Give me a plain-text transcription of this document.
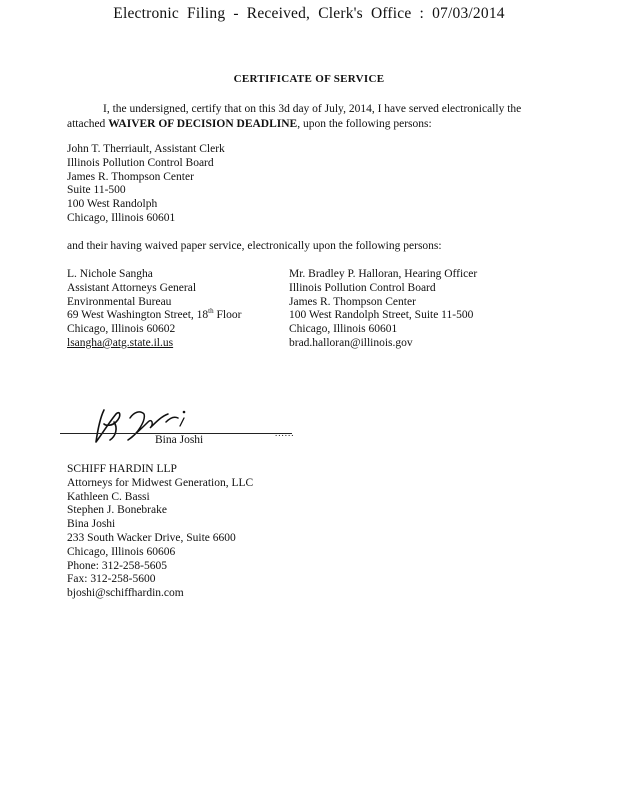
Electronic Filing - Received, Clerk's Office : 07/03/2014
CERTIFICATE OF SERVICE
I, the undersigned, certify that on this 3d day of July, 2014, I have served electronically the attached WAIVER OF DECISION DEADLINE, upon the following persons:
John T. Therriault, Assistant Clerk
Illinois Pollution Control Board
James R. Thompson Center
Suite 11-500
100 West Randolph
Chicago, Illinois 60601
and their having waived paper service, electronically upon the following persons:
L. Nichole Sangha
Assistant Attorneys General
Environmental Bureau
69 West Washington Street, 18th Floor
Chicago, Illinois 60602
lsangha@atg.state.il.us
Mr. Bradley P. Halloran, Hearing Officer
Illinois Pollution Control Board
James R. Thompson Center
100 West Randolph Street, Suite 11-500
Chicago, Illinois 60601
brad.halloran@illinois.gov
......
Bina Joshi
SCHIFF HARDIN LLP
Attorneys for Midwest Generation, LLC
Kathleen C. Bassi
Stephen J. Bonebrake
Bina Joshi
233 South Wacker Drive, Suite 6600
Chicago, Illinois 60606
Phone: 312-258-5605
Fax: 312-258-5600
bjoshi@schiffhardin.com
